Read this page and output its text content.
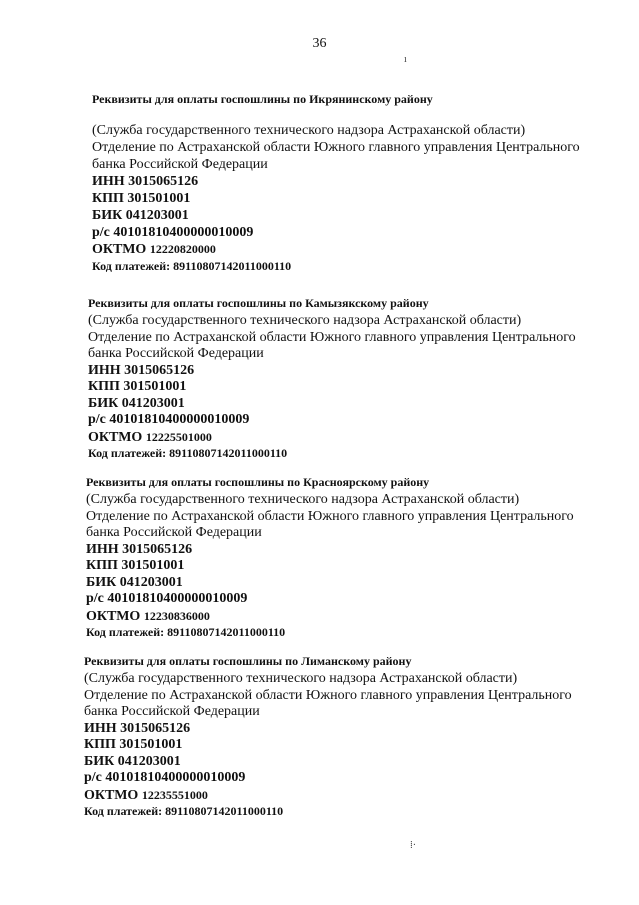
36
ı
⁞·
Реквизиты для оплаты госпошлины по Икрянинскому району
(Служба государственного технического надзора Астраханской области)
Отделение по Астраханской области Южного главного управления Центрального
банка Российской Федерации
ИНН 3015065126
КПП 301501001
БИК 041203001
р/с 40101810400000010009
ОКТМО 12220820000
Код платежей: 89110807142011000110
Реквизиты для оплаты госпошлины по Камызякскому району
(Служба государственного технического надзора Астраханской области)
Отделение по Астраханской области Южного главного управления Центрального
банка Российской Федерации
ИНН 3015065126
КПП 301501001
БИК 041203001
р/с 40101810400000010009
ОКТМО 12225501000
Код платежей: 89110807142011000110
Реквизиты для оплаты госпошлины по Красноярскому району
(Служба государственного технического надзора Астраханской области)
Отделение по Астраханской области Южного главного управления Центрального
банка Российской Федерации
ИНН 3015065126
КПП 301501001
БИК 041203001
р/с 40101810400000010009
ОКТМО 12230836000
Код платежей: 89110807142011000110
Реквизиты для оплаты госпошлины по Лиманскому району
(Служба государственного технического надзора Астраханской области)
Отделение по Астраханской области Южного главного управления Центрального
банка Российской Федерации
ИНН 3015065126
КПП 301501001
БИК 041203001
р/с 40101810400000010009
ОКТМО 12235551000
Код платежей: 89110807142011000110
